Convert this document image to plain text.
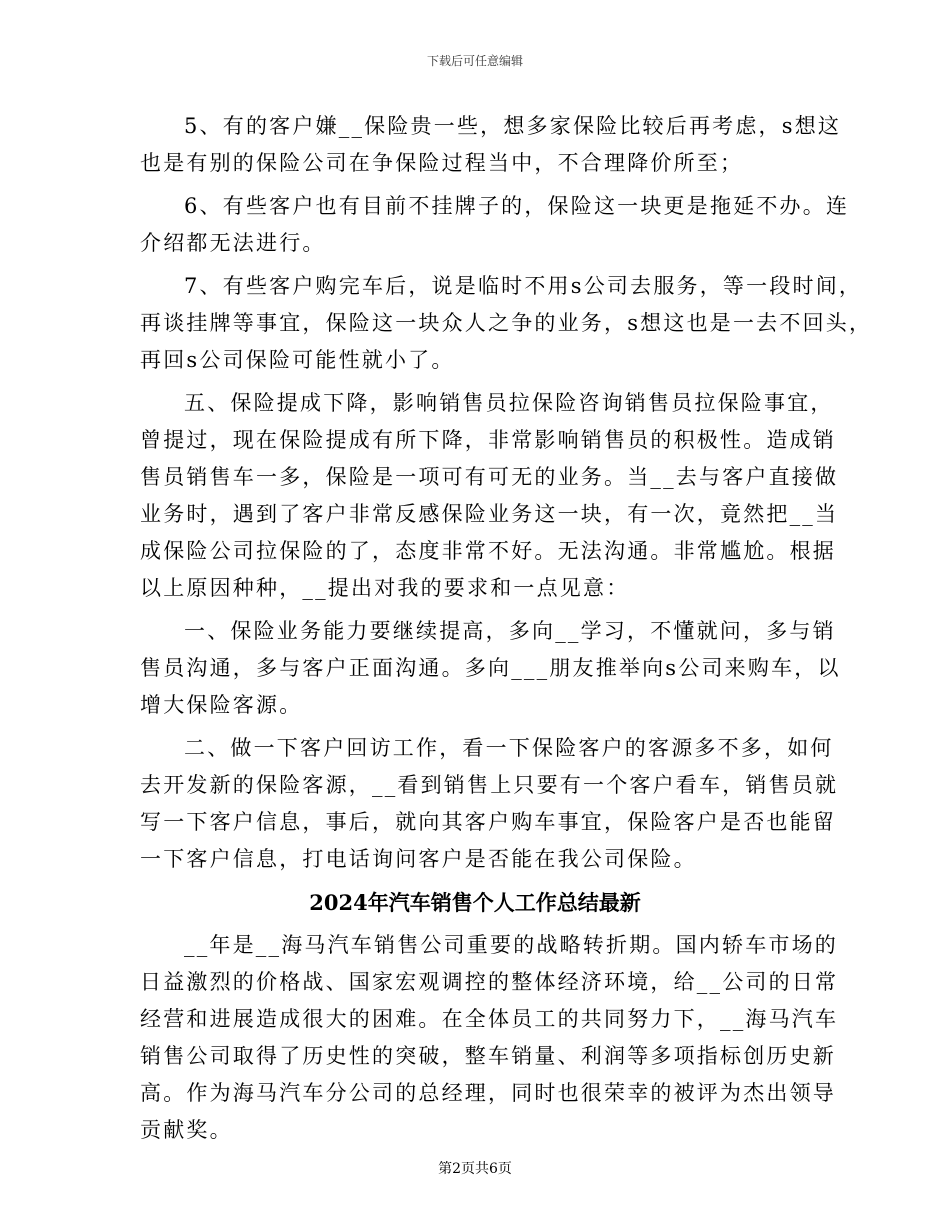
下载后可任意编辑
5、有的客户嫌__保险贵一些，想多家保险比较后再考虑，s想这
也是有别的保险公司在争保险过程当中，不合理降价所至；
6、有些客户也有目前不挂牌子的，保险这一块更是拖延不办。连
介绍都无法进行。
7、有些客户购完车后，说是临时不用s公司去服务，等一段时间，
再谈挂牌等事宜，保险这一块众人之争的业务，s想这也是一去不回头，
再回s公司保险可能性就小了。
五、保险提成下降，影响销售员拉保险咨询销售员拉保险事宜，
曾提过，现在保险提成有所下降，非常影响销售员的积极性。造成销
售员销售车一多，保险是一项可有可无的业务。当__去与客户直接做
业务时，遇到了客户非常反感保险业务这一块，有一次，竟然把__当
成保险公司拉保险的了，态度非常不好。无法沟通。非常尴尬。根据
以上原因种种，__提出对我的要求和一点见意：
一、保险业务能力要继续提高，多向__学习，不懂就问，多与销
售员沟通，多与客户正面沟通。多向___朋友推举向s公司来购车，以
增大保险客源。
二、做一下客户回访工作，看一下保险客户的客源多不多，如何
去开发新的保险客源，__看到销售上只要有一个客户看车，销售员就
写一下客户信息，事后，就向其客户购车事宜，保险客户是否也能留
一下客户信息，打电话询问客户是否能在我公司保险。
2024年汽车销售个人工作总结最新
__年是__海马汽车销售公司重要的战略转折期。国内轿车市场的
日益激烈的价格战、国家宏观调控的整体经济环境，给__公司的日常
经营和进展造成很大的困难。在全体员工的共同努力下，__海马汽车
销售公司取得了历史性的突破，整车销量、利润等多项指标创历史新
高。作为海马汽车分公司的总经理，同时也很荣幸的被评为杰出领导
贡献奖。
第2页共6页
